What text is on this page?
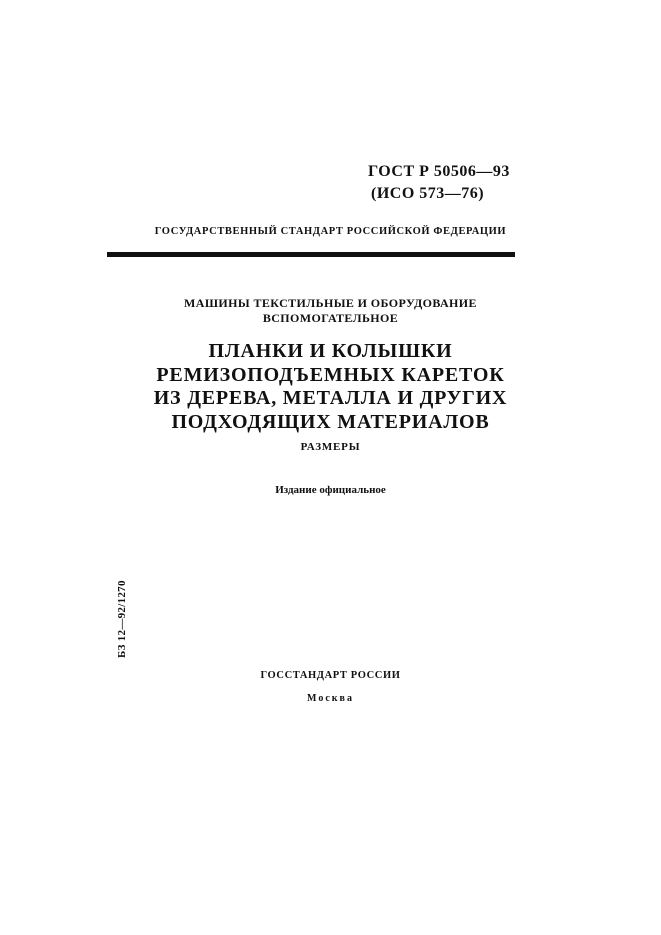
ГОСТ Р 50506—93
(ИСО 573—76)
ГОСУДАРСТВЕННЫЙ СТАНДАРТ РОССИЙСКОЙ ФЕДЕРАЦИИ
МАШИНЫ ТЕКСТИЛЬНЫЕ И ОБОРУДОВАНИЕ
ВСПОМОГАТЕЛЬНОЕ
ПЛАНКИ И КОЛЫШКИ
РЕМИЗОПОДЪЕМНЫХ КАРЕТОК
ИЗ ДЕРЕВА, МЕТАЛЛА И ДРУГИХ
ПОДХОДЯЩИХ МАТЕРИАЛОВ
РАЗМЕРЫ
Издание официальное
БЗ 12—92/1270
ГОССТАНДАРТ РОССИИ
Москва
